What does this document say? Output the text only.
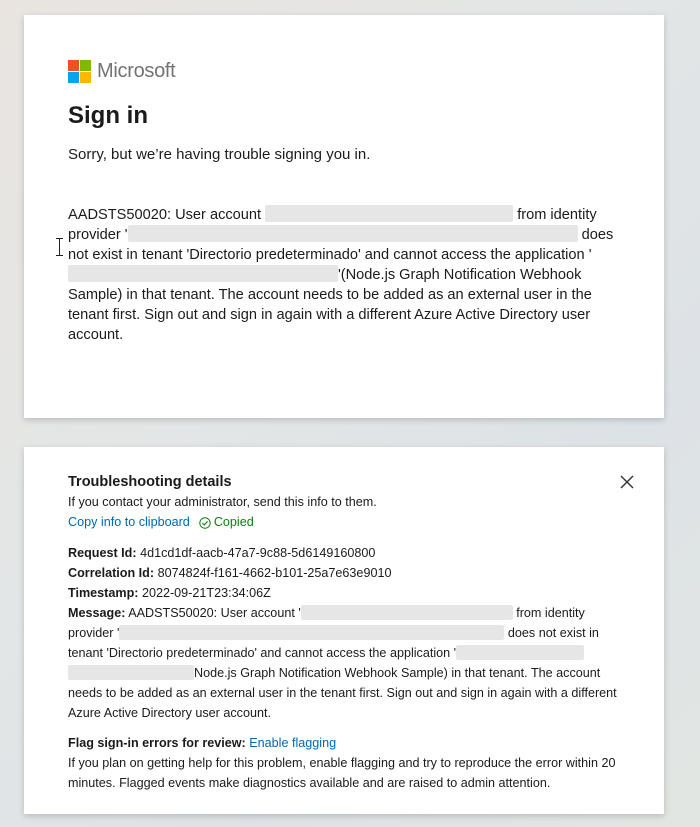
Microsoft
Sign in
Sorry, but we’re having trouble signing you in.
AADSTS50020: User account	from identity provider '	does not exist in tenant 'Directorio predeterminado' and cannot access the application ''(Node.js Graph Notification Webhook Sample) in that tenant. The account needs to be added as an external user in the tenant first. Sign out and sign in again with a different Azure Active Directory user account.
Troubleshooting details
If you contact your administrator, send this info to them.
Copy info to clipboard Copied
Request Id: 4d1cd1df-aacb-47a7-9c88-5d6149160800
Correlation Id: 8074824f-f161-4662-b101-25a7e63e9010
Timestamp: 2022-09-21T23:34:06Z
Message: AADSTS50020: User account '	from identity provider '	does not exist in tenant 'Directorio predeterminado' and cannot access the application 'Node.js Graph Notification Webhook Sample) in that tenant. The account needs to be added as an external user in the tenant first. Sign out and sign in again with a different Azure Active Directory user account.
Flag sign-in errors for review: Enable flagging
If you plan on getting help for this problem, enable flagging and try to reproduce the error within 20 minutes. Flagged events make diagnostics available and are raised to admin attention.
